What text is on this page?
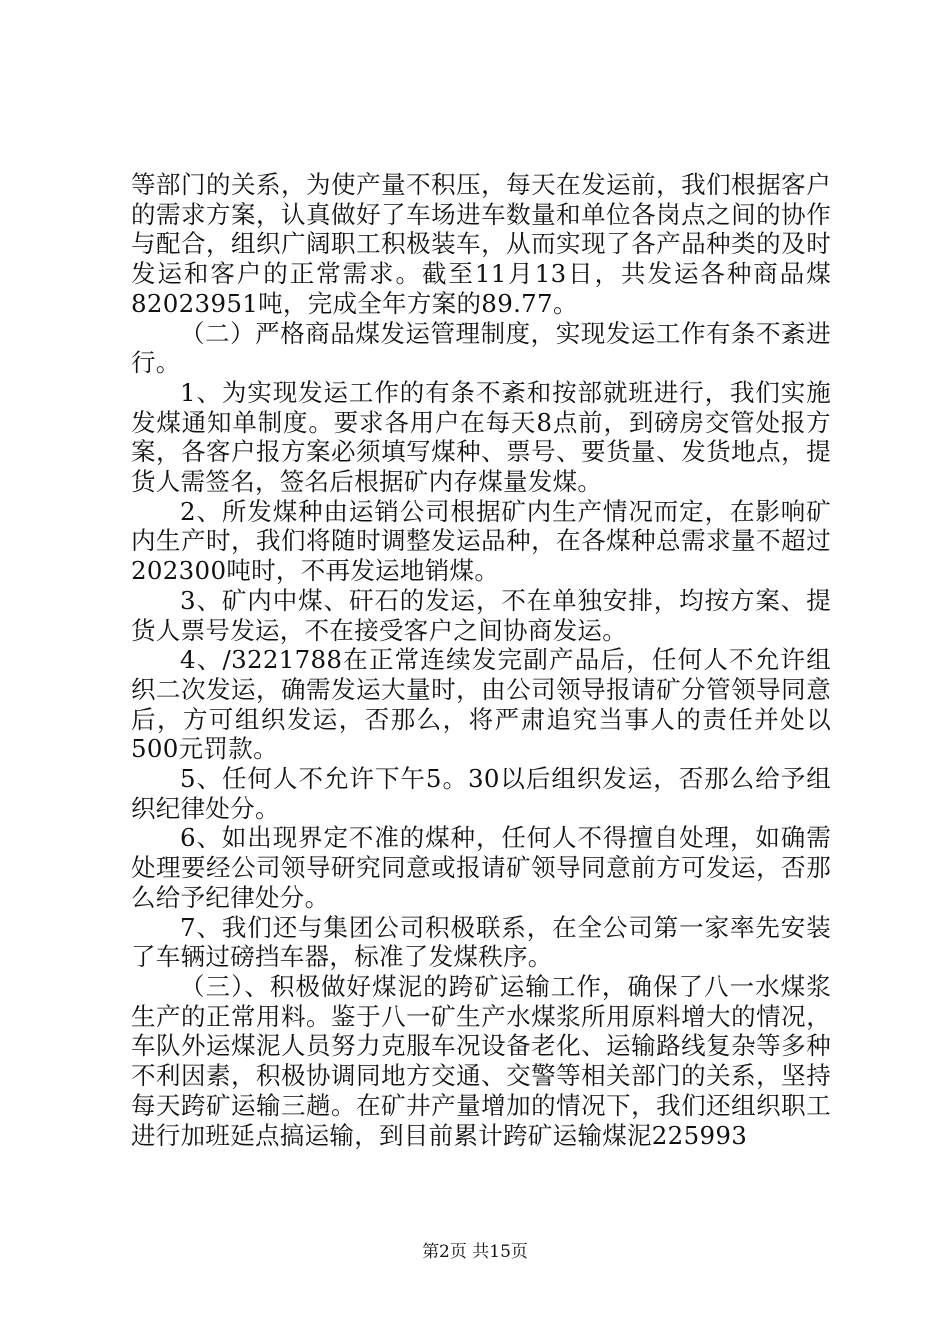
等部门的关系，为使产量不积压，每天在发运前，我们根据客户的需求方案，认真做好了车场进车数量和单位各岗点之间的协作与配合，组织广阔职工积极装车，从而实现了各产品种类的及时发运和客户的正常需求。截至11月13日，共发运各种商品煤82023951吨，完成全年方案的89.77。

（二）严格商品煤发运管理制度，实现发运工作有条不紊进行。

1、为实现发运工作的有条不紊和按部就班进行，我们实施发煤通知单制度。要求各用户在每天8点前，到磅房交管处报方案，各客户报方案必须填写煤种、票号、要货量、发货地点，提货人需签名，签名后根据矿内存煤量发煤。

2、所发煤种由运销公司根据矿内生产情况而定，在影响矿内生产时，我们将随时调整发运品种，在各煤种总需求量不超过202300吨时，不再发运地销煤。

3、矿内中煤、矸石的发运，不在单独安排，均按方案、提货人票号发运，不在接受客户之间协商发运。

4、/3221788在正常连续发完副产品后，任何人不允许组织二次发运，确需发运大量时，由公司领导报请矿分管领导同意后，方可组织发运，否那么，将严肃追究当事人的责任并处以500元罚款。

5、任何人不允许下午5。30以后组织发运，否那么给予组织纪律处分。

6、如出现界定不准的煤种，任何人不得擅自处理，如确需处理要经公司领导研究同意或报请矿领导同意前方可发运，否那么给予纪律处分。

7、我们还与集团公司积极联系，在全公司第一家率先安装了车辆过磅挡车器，标准了发煤秩序。

（三）、积极做好煤泥的跨矿运输工作，确保了八一水煤浆生产的正常用料。鉴于八一矿生产水煤浆所用原料增大的情况，车队外运煤泥人员努力克服车况设备老化、运输路线复杂等多种不利因素，积极协调同地方交通、交警等相关部门的关系，坚持每天跨矿运输三趟。在矿井产量增加的情况下，我们还组织职工进行加班延点搞运输，到目前累计跨矿运输煤泥225993

第2页 共15页
